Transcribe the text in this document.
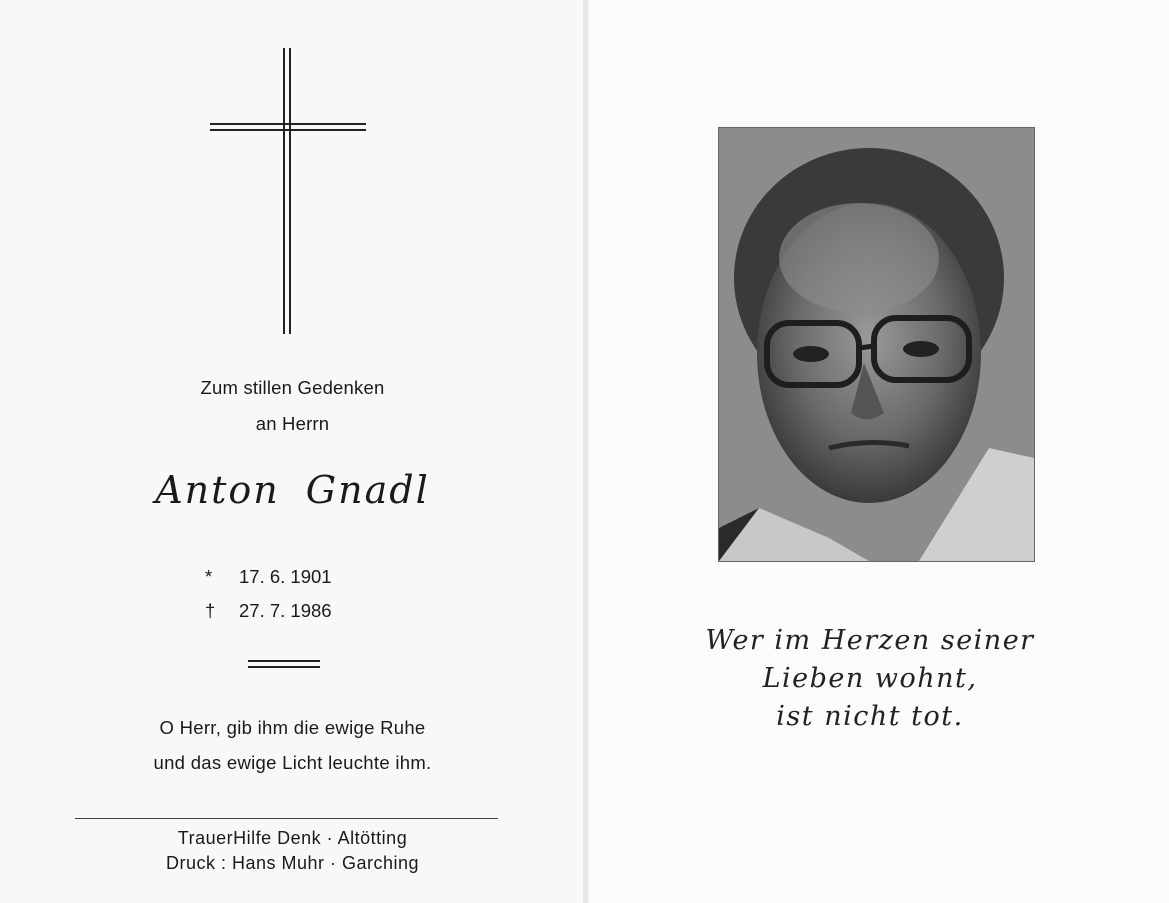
Zum stillen Gedenken
an Herrn
Anton Gnadl
* 17. 6. 1901
† 27. 7. 1986
O Herr, gib ihm die ewige Ruhe
und das ewige Licht leuchte ihm.
TrauerHilfe Denk · Altötting
Druck : Hans Muhr · Garching
Wer im Herzen seiner
Lieben wohnt,
ist nicht tot.
